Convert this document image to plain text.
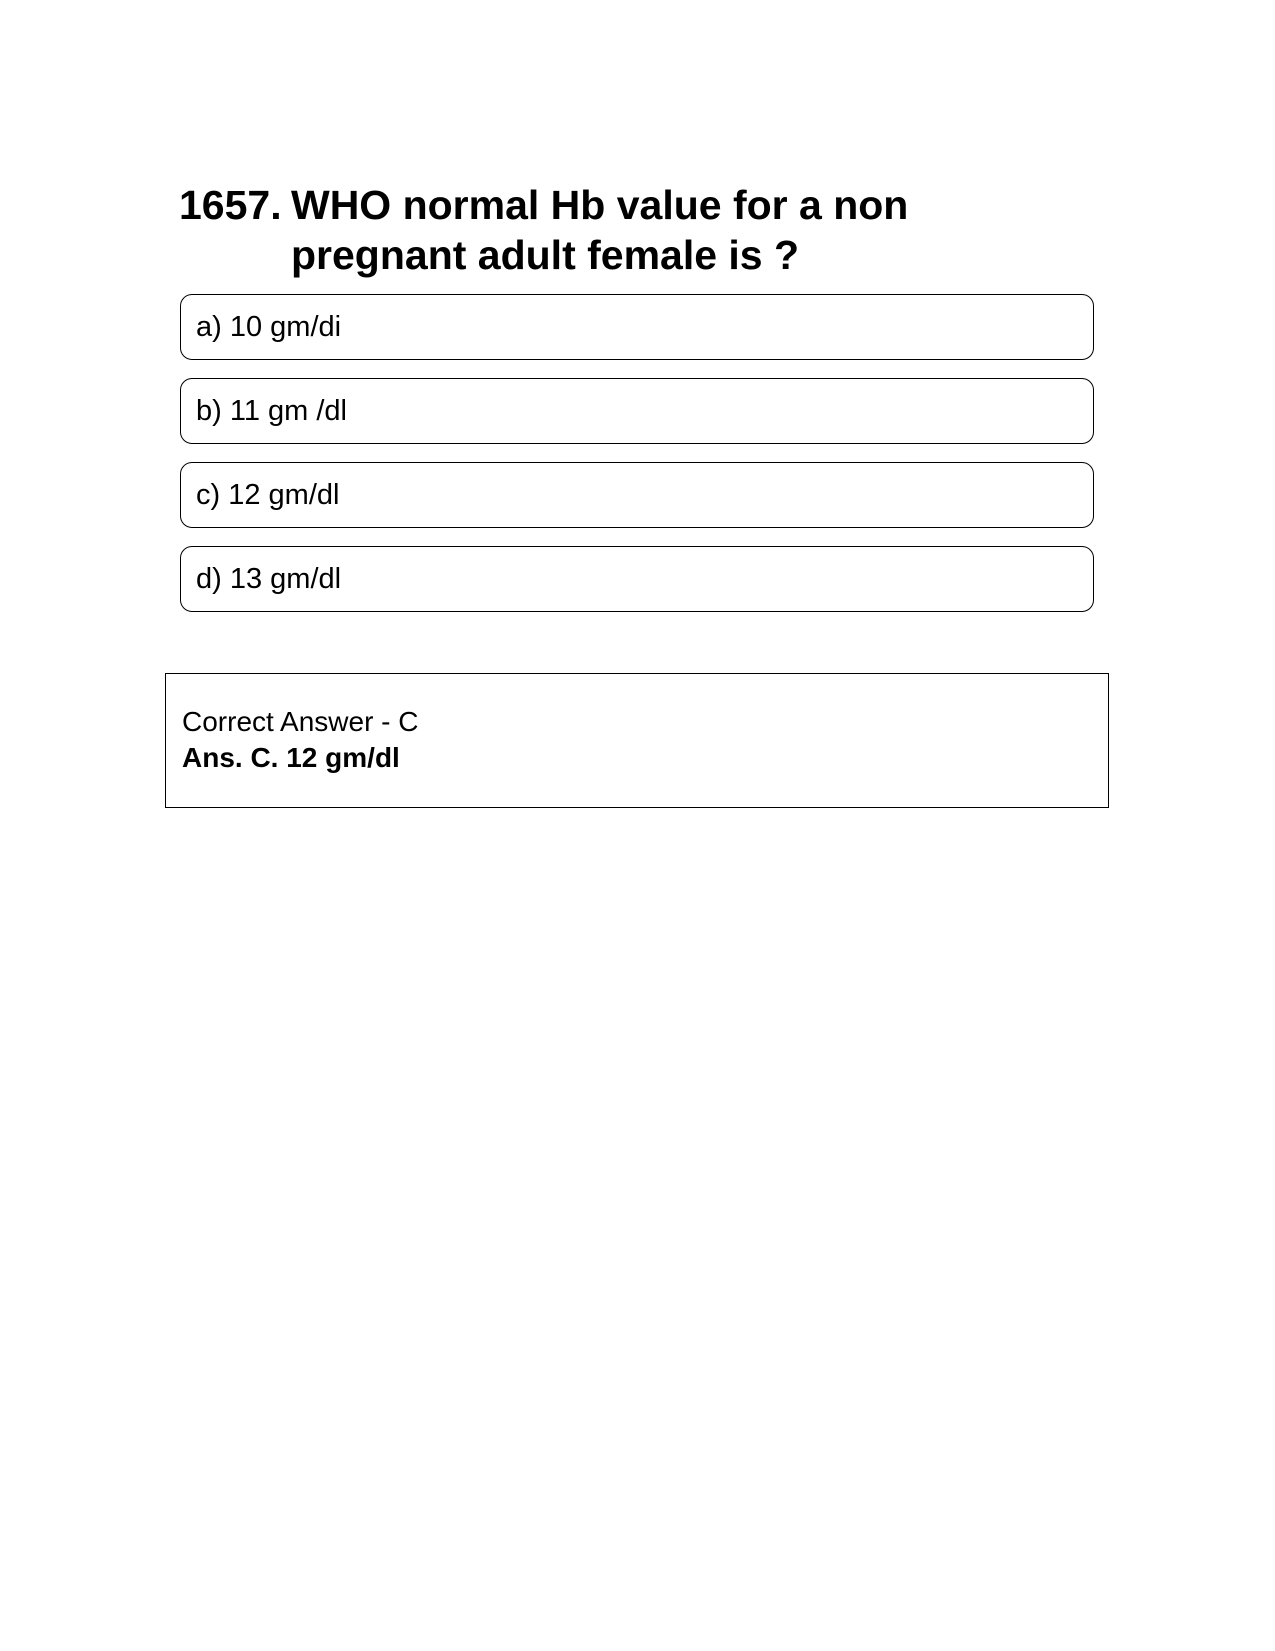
1657. WHO normal Hb value for a non pregnant adult female is ?
a) 10 gm/di
b) 11 gm /dl
c) 12 gm/dl
d) 13 gm/dl
Correct Answer - C
Ans. C. 12 gm/dl
